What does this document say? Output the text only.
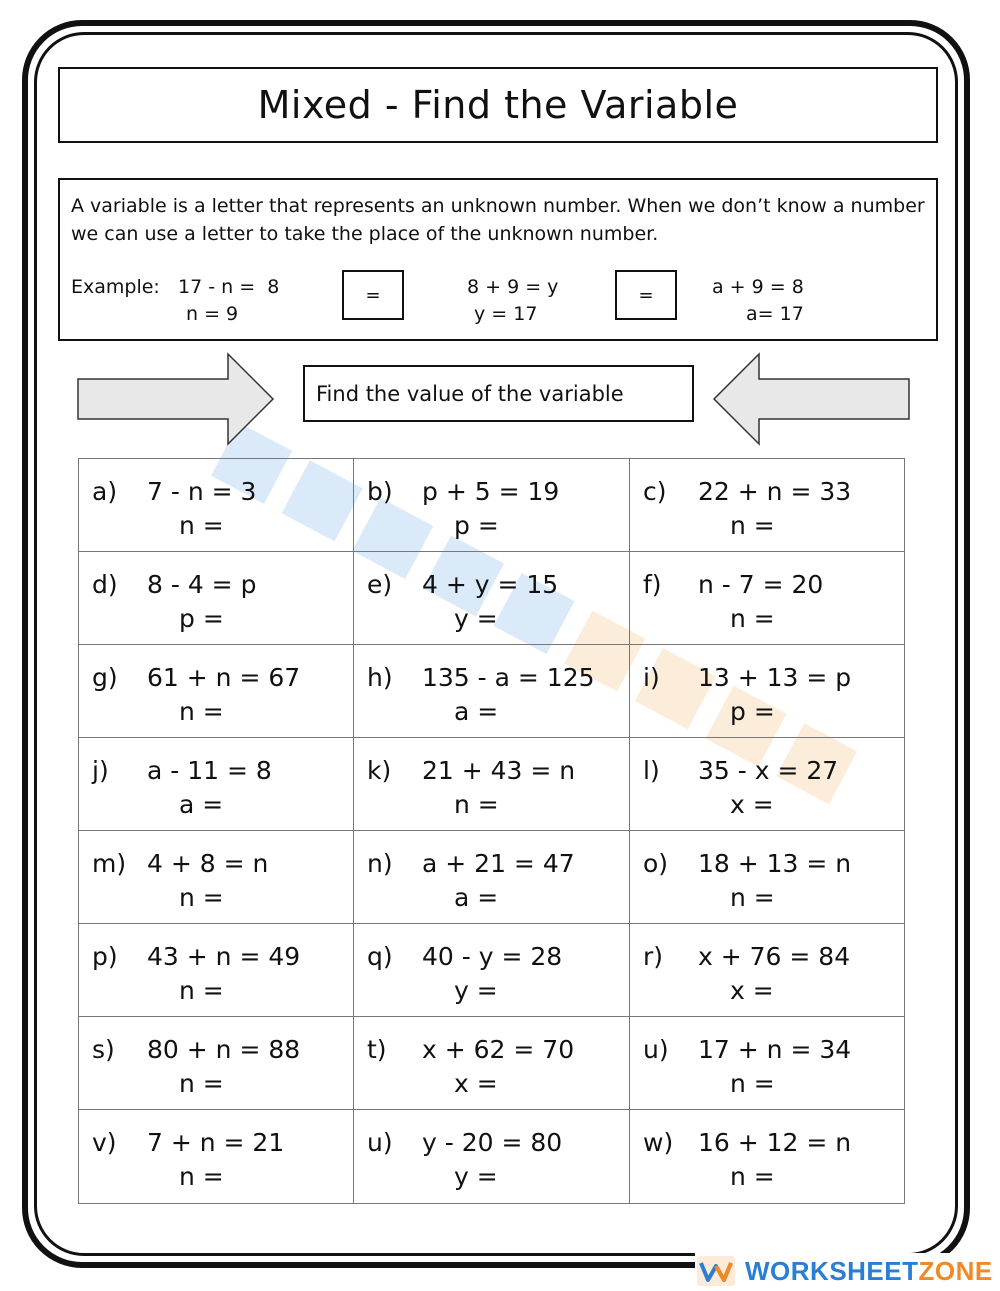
Mixed - Find the Variable
A variable is a letter that represents an unknown number. When we don’t know a number we can use a letter to take the place of the unknown number.
Example: 17 - n =  8
n = 9
=	8 + 9 = y
y = 17
=	a + 9 = 8
a= 17
Find the value of the variable
a) 7 - n = 3
n =
b) p + 5 = 19
p =
c) 22 + n = 33
n =
d) 8 - 4 = p
p =
e) 4 + y = 15
y =
f) n - 7 = 20
n =
g) 61 + n = 67
n =
h) 135 - a = 125
a =
i) 13 + 13 = p
p =
j) a - 11 = 8
a =
k) 21 + 43 = n
n =
l) 35 - x = 27
x =
m) 4 + 8 = n
n =
n) a + 21 = 47
a =
o) 18 + 13 = n
n =
p) 43 + n = 49
n =
q) 40 - y = 28
y =
r) x + 76 = 84
x =
s) 80 + n = 88
n =
t) x + 62 = 70
x =
u) 17 + n = 34
n =
v) 7 + n = 21
n =
u) y - 20 = 80
y =
w) 16 + 12 = n
n =
WORKSHEETZONE
